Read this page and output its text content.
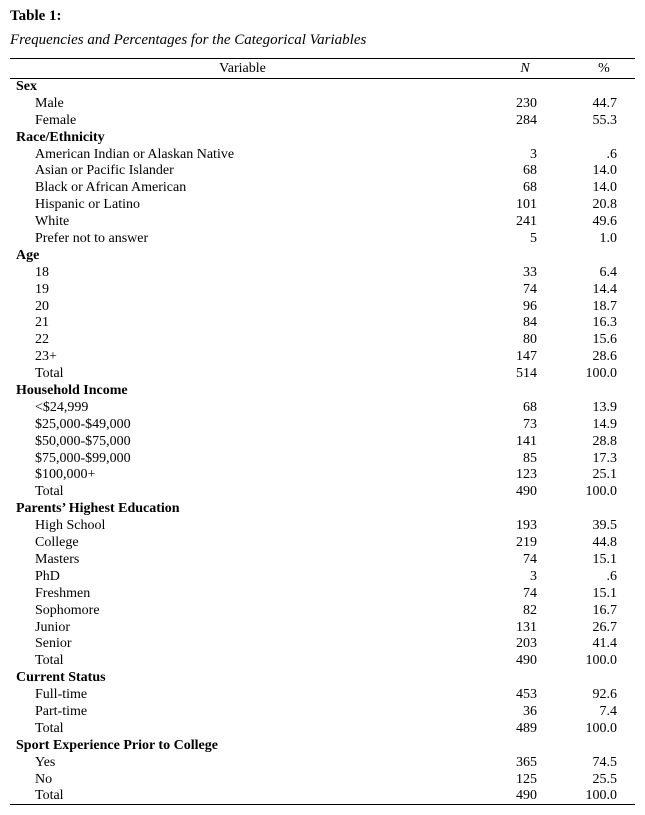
Table 1:
Frequencies and Percentages for the Categorical Variables
Variable	N	%
Sex
Male	230	44.7
Female	284	55.3
Race/Ethnicity
American Indian or Alaskan Native	3	.6
Asian or Pacific Islander	68	14.0
Black or African American	68	14.0
Hispanic or Latino	101	20.8
White	241	49.6
Prefer not to answer	5	1.0
Age
18	33	6.4
19	74	14.4
20	96	18.7
21	84	16.3
22	80	15.6
23+	147	28.6
Total	514	100.0
Household Income
<$24,999	68	13.9
$25,000-$49,000	73	14.9
$50,000-$75,000	141	28.8
$75,000-$99,000	85	17.3
$100,000+	123	25.1
Total	490	100.0
Parents’ Highest Education
High School	193	39.5
College	219	44.8
Masters	74	15.1
PhD	3	.6
Freshmen	74	15.1
Sophomore	82	16.7
Junior	131	26.7
Senior	203	41.4
Total	490	100.0
Current Status
Full-time	453	92.6
Part-time	36	7.4
Total	489	100.0
Sport Experience Prior to College
Yes	365	74.5
No	125	25.5
Total	490	100.0
